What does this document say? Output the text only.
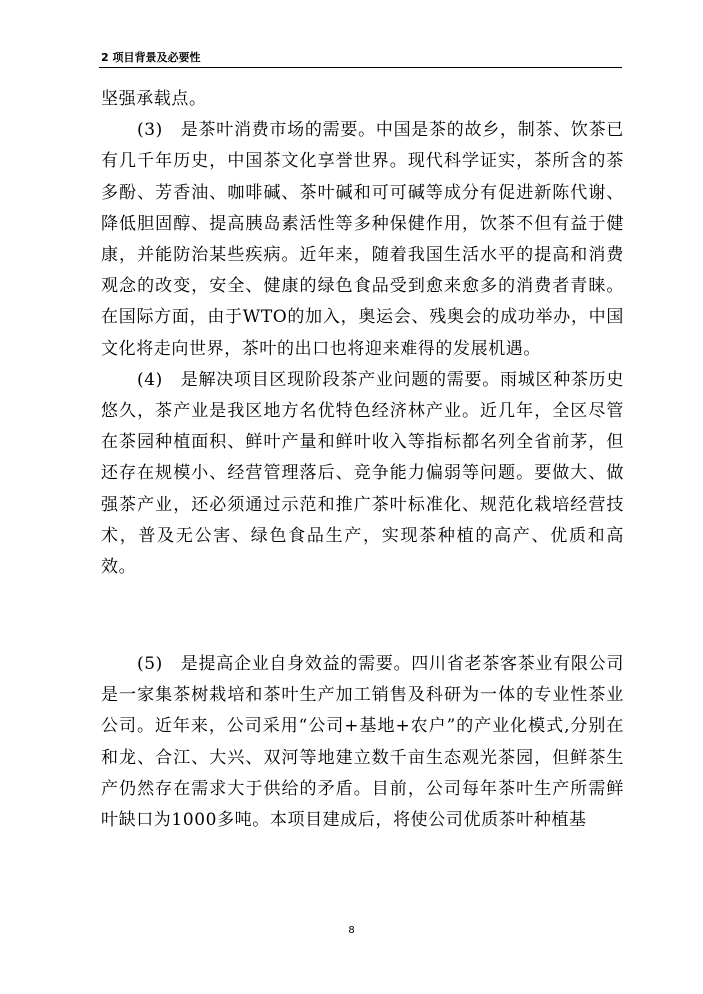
2 项目背景及必要性

坚强承载点。

(3)　是茶叶消费市场的需要。中国是茶的故乡，制茶、饮茶已有几千年历史，中国茶文化享誉世界。现代科学证实，茶所含的茶多酚、芳香油、咖啡碱、茶叶碱和可可碱等成分有促进新陈代谢、降低胆固醇、提高胰岛素活性等多种保健作用，饮茶不但有益于健康，并能防治某些疾病。近年来，随着我国生活水平的提高和消费观念的改变，安全、健康的绿色食品受到愈来愈多的消费者青睐。在国际方面，由于WTO的加入，奥运会、残奥会的成功举办，中国文化将走向世界，茶叶的出口也将迎来难得的发展机遇。

(4)　是解决项目区现阶段茶产业问题的需要。雨城区种茶历史悠久，茶产业是我区地方名优特色经济林产业。近几年，全区尽管在茶园种植面积、鲜叶产量和鲜叶收入等指标都名列全省前茅，但还存在规模小、经营管理落后、竞争能力偏弱等问题。要做大、做强茶产业，还必须通过示范和推广茶叶标准化、规范化栽培经营技术，普及无公害、绿色食品生产，实现茶种植的高产、优质和高效。

(5)　是提高企业自身效益的需要。四川省老茶客茶业有限公司是一家集茶树栽培和茶叶生产加工销售及科研为一体的专业性茶业公司。近年来，公司采用“公司+基地+农户”的产业化模式,分别在和龙、合江、大兴、双河等地建立数千亩生态观光茶园，但鲜茶生产仍然存在需求大于供给的矛盾。目前，公司每年茶叶生产所需鲜叶缺口为1000多吨。本项目建成后，将使公司优质茶叶种植基

8
